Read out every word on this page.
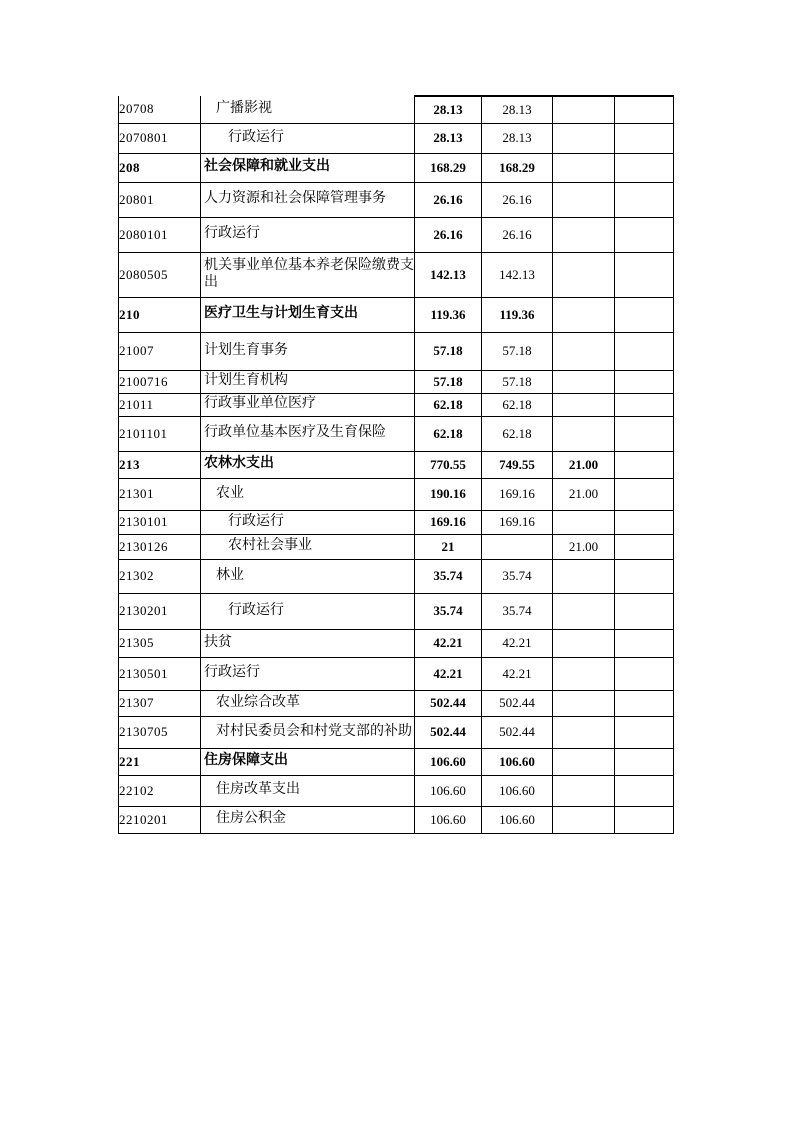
20708	广播影视	28.13	28.13		
2070801	行政运行	28.13	28.13		
208	社会保障和就业支出	168.29	168.29		
20801	人力资源和社会保障管理事务	26.16	26.16		
2080101	行政运行	26.16	26.16		
2080505	机关事业单位基本养老保险缴费支出	142.13	142.13		
210	医疗卫生与计划生育支出	119.36	119.36		
21007	计划生育事务	57.18	57.18		
2100716	计划生育机构	57.18	57.18		
21011	行政事业单位医疗	62.18	62.18		
2101101	行政单位基本医疗及生育保险	62.18	62.18		
213	农林水支出	770.55	749.55	21.00	
21301	农业	190.16	169.16	21.00	
2130101	行政运行	169.16	169.16		
2130126	农村社会事业	21		21.00	
21302	林业	35.74	35.74		
2130201	行政运行	35.74	35.74		
21305	扶贫	42.21	42.21		
2130501	行政运行	42.21	42.21		
21307	农业综合改革	502.44	502.44		
2130705	对村民委员会和村党支部的补助	502.44	502.44		
221	住房保障支出	106.60	106.60		
22102	住房改革支出	106.60	106.60		
2210201	住房公积金	106.60	106.60		
